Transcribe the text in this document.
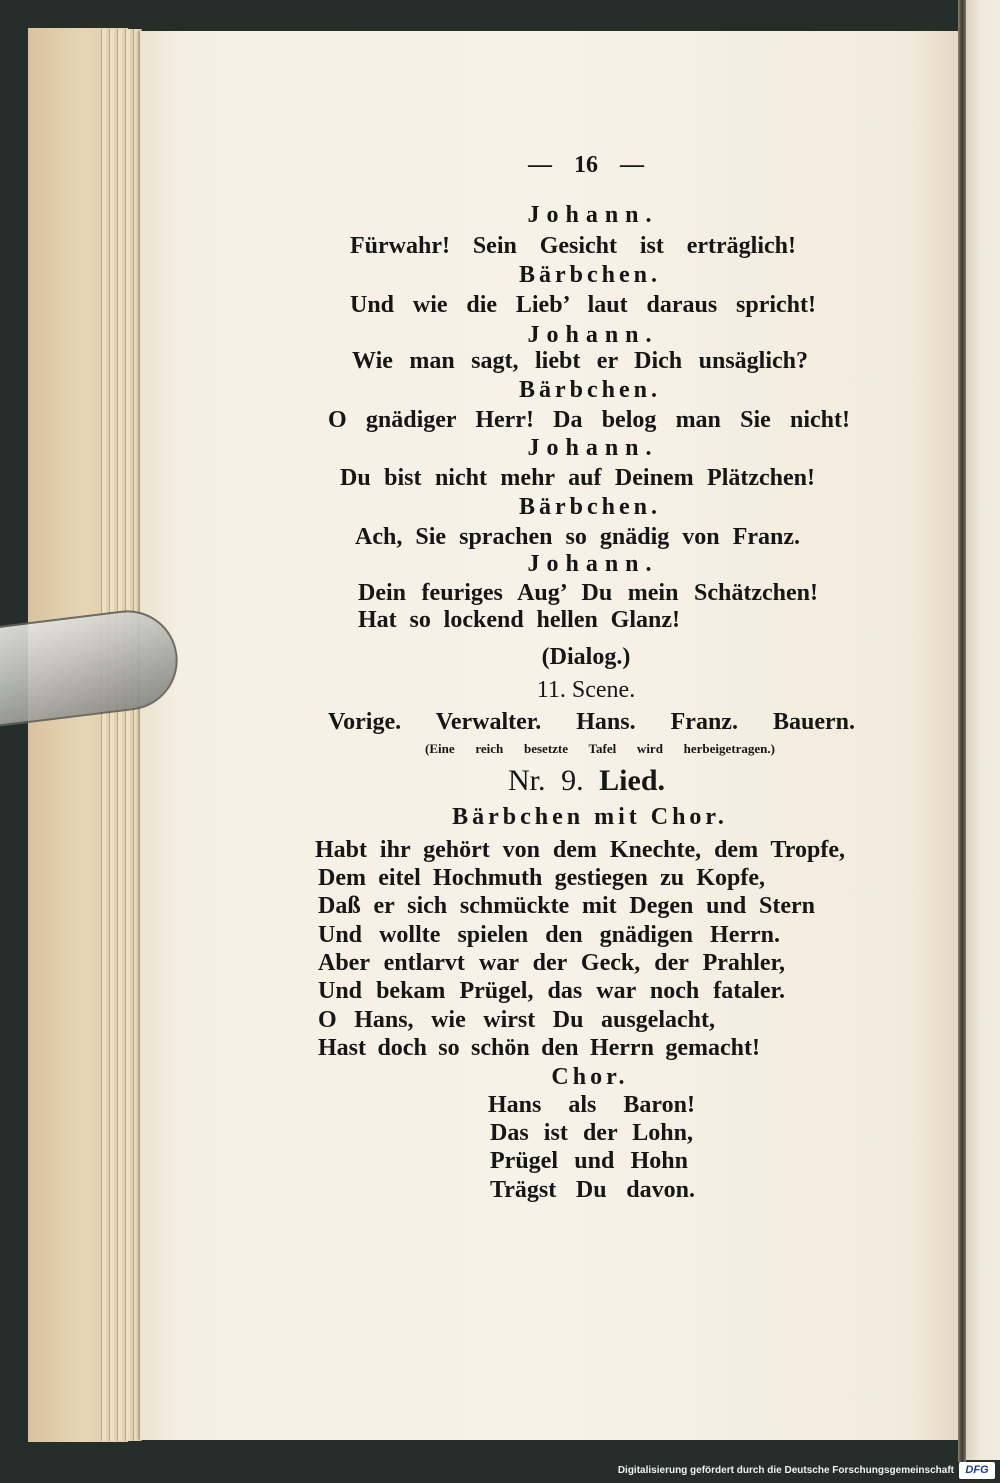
— 16 —
Johann.
Fürwahr! Sein Gesicht ist erträglich!
Bärbchen.
Und wie die Lieb’ laut daraus spricht!
Johann.
Wie man sagt, liebt er Dich unsäglich?
Bärbchen.
O gnädiger Herr! Da belog man Sie nicht!
Johann.
Du bist nicht mehr auf Deinem Plätzchen!
Bärbchen.
Ach, Sie sprachen so gnädig von Franz.
Johann.
Dein feuriges Aug’ Du mein Schätzchen!
Hat so lockend hellen Glanz!
(Dialog.)
11. Scene.
Vorige. Verwalter. Hans. Franz. Bauern.
(Eine reich besetzte Tafel wird herbeigetragen.)
Nr. 9. Lied.
Bärbchen mit Chor.
Habt ihr gehört von dem Knechte, dem Tropfe,
Dem eitel Hochmuth gestiegen zu Kopfe,
Daß er sich schmückte mit Degen und Stern
Und wollte spielen den gnädigen Herrn.
Aber entlarvt war der Geck, der Prahler,
Und bekam Prügel, das war noch fataler.
O Hans, wie wirst Du ausgelacht,
Hast doch so schön den Herrn gemacht!
Chor.
Hans als Baron!
Das ist der Lohn,
Prügel und Hohn
Trägst Du davon.
Digitalisierung gefördert durch die Deutsche Forschungsgemeinschaft	DFG
